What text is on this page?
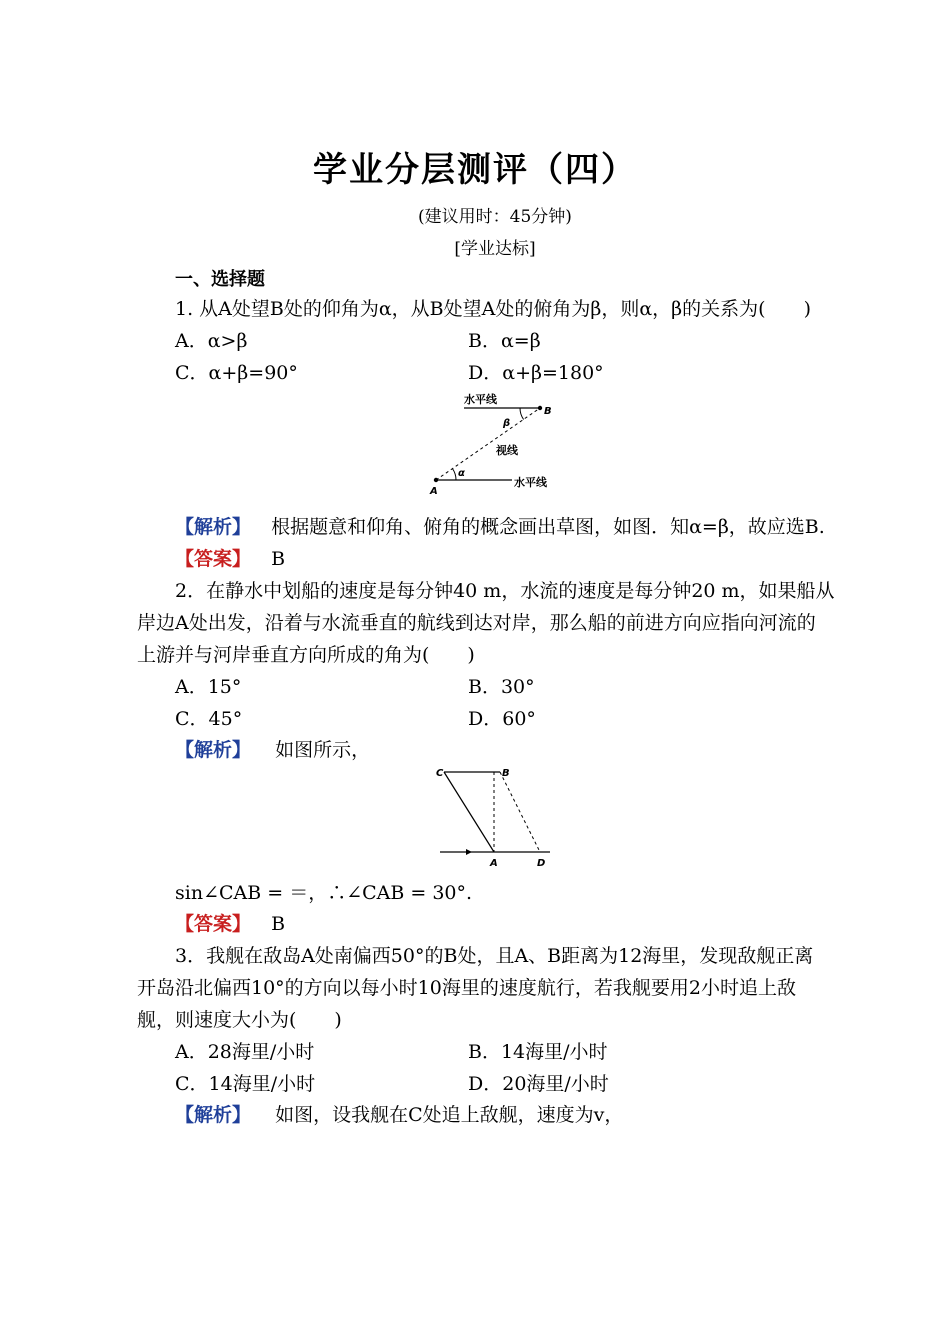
学业分层测评（四）
(建议用时：45分钟)
[学业达标]
一、选择题
1. 从A处望B处的仰角为α，从B处望A处的俯角为β，则α，β的关系为(　　)
A．α>β	B．α=β
C．α+β=90°	D．α+β=180°
水平线
B
β
视线
α
A
水平线
【解析】 根据题意和仰角、俯角的概念画出草图，如图．知α=β，故应选B.
【答案】 B
2．在静水中划船的速度是每分钟40 m，水流的速度是每分钟20 m，如果船从
岸边A处出发，沿着与水流垂直的航线到达对岸，那么船的前进方向应指向河流的
上游并与河岸垂直方向所成的角为(　　)
A．15°	B．30°
C．45°	D．60°
【解析】 如图所示，
C	B
A	D
sin∠CAB = ＝，∴∠CAB = 30°.
【答案】 B
3．我舰在敌岛A处南偏西50°的B处，且A、B距离为12海里，发现敌舰正离
开岛沿北偏西10°的方向以每小时10海里的速度航行，若我舰要用2小时追上敌
舰，则速度大小为(　　)
A．28海里/小时	B．14海里/小时
C．14海里/小时	D．20海里/小时
【解析】 如图，设我舰在C处追上敌舰，速度为v，
